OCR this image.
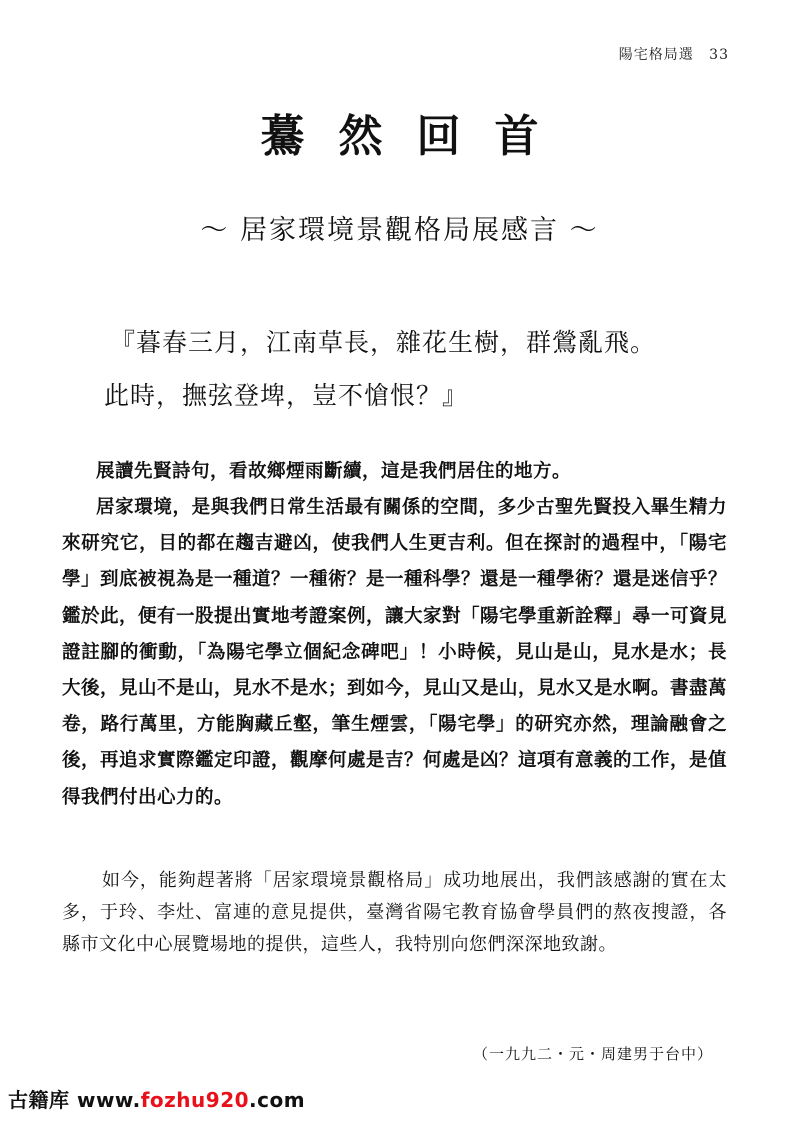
陽宅格局選 33
驀然回首
～ 居家環境景觀格局展感言 ～
『暮春三月，江南草長，雜花生樹，群鶯亂飛。
此時，撫弦登埤，豈不愴恨？』
展讀先賢詩句，看故鄉煙雨斷續，這是我們居住的地方。
居家環境，是與我們日常生活最有關係的空間，多少古聖先賢投入畢生精力來研究它，目的都在趨吉避凶，使我們人生更吉利。但在探討的過程中，「陽宅學」到底被視為是一種道？一種術？是一種科學？還是一種學術？還是迷信乎？鑑於此，便有一股提出實地考證案例，讓大家對「陽宅學重新詮釋」尋一可資見證註腳的衝動，「為陽宅學立個紀念碑吧」！小時候，見山是山，見水是水；長大後，見山不是山，見水不是水；到如今，見山又是山，見水又是水啊。書盡萬卷，路行萬里，方能胸藏丘壑，筆生煙雲，「陽宅學」的研究亦然，理論融會之後，再追求實際鑑定印證，觀摩何處是吉？何處是凶？這項有意義的工作，是值得我們付出心力的。
如今，能夠趕著將「居家環境景觀格局」成功地展出，我們該感謝的實在太多，于玲、李灶、富連的意見提供，臺灣省陽宅教育協會學員們的熬夜搜證，各縣市文化中心展覽場地的提供，這些人，我特別向您們深深地致謝。
（一九九二・元・周建男于台中）
古籍库 www.fozhu920.com
